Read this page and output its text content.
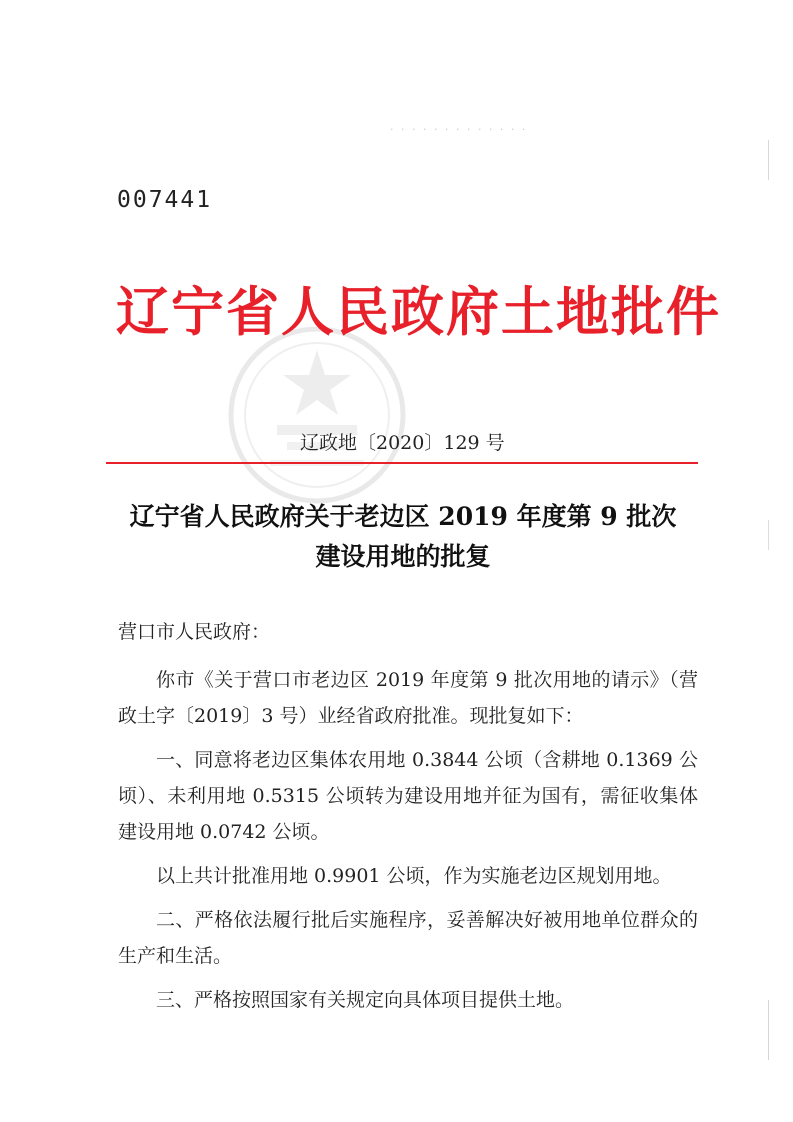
· · · · · · · · · · · · ·
007441
辽宁省人民政府土地批件
辽政地〔2020〕129 号
辽宁省人民政府关于老边区 2019 年度第 9 批次
建设用地的批复
营口市人民政府：

你市《关于营口市老边区 2019 年度第 9 批次用地的请示》（营政土字〔2019〕3 号）业经省政府批准。现批复如下：

一、同意将老边区集体农用地 0.3844 公顷（含耕地 0.1369 公顷）、未利用地 0.5315 公顷转为建设用地并征为国有，需征收集体建设用地 0.0742 公顷。

以上共计批准用地 0.9901 公顷，作为实施老边区规划用地。

二、严格依法履行批后实施程序，妥善解决好被用地单位群众的生产和生活。

三、严格按照国家有关规定向具体项目提供土地。
